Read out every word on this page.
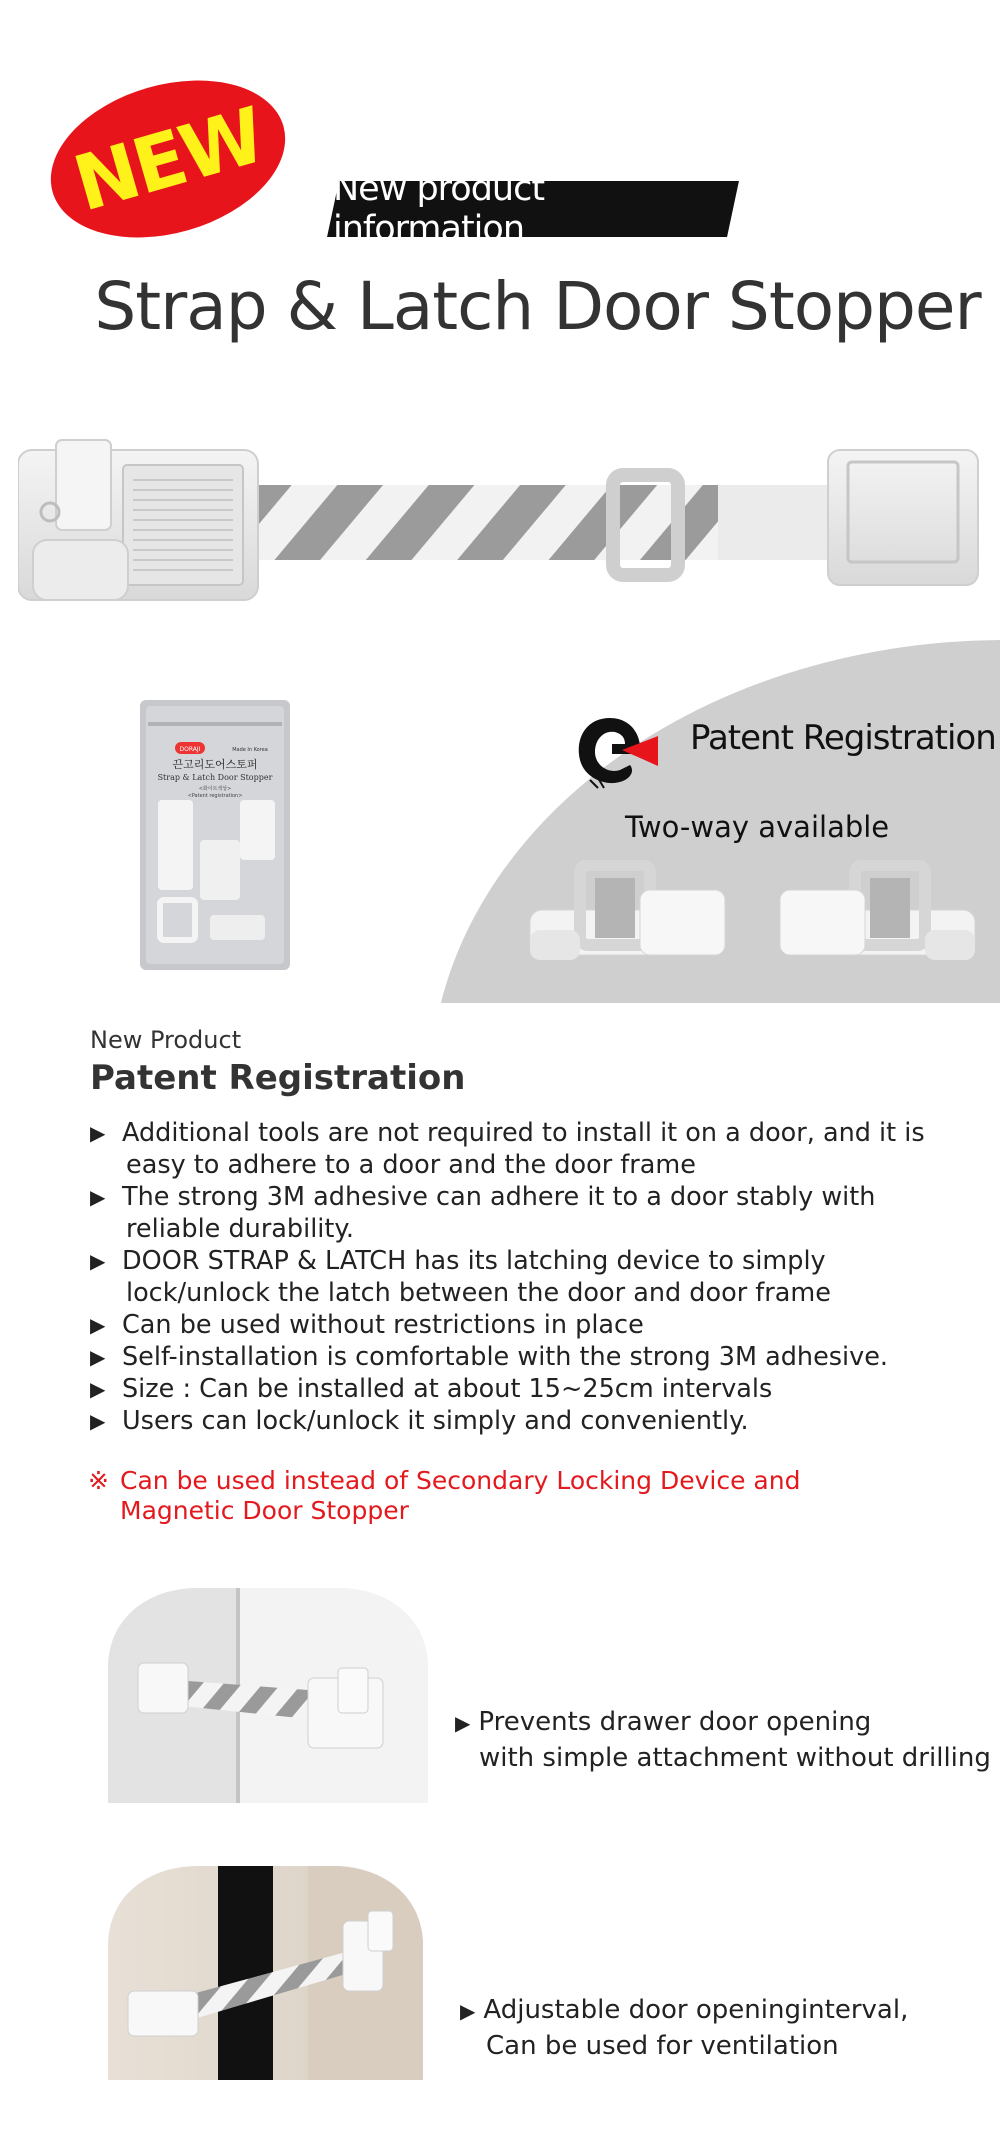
NEW New product information
Strap & Latch Door Stopper
DORAJI	Made In Korea
끈고리도어스토퍼
Strap & Latch Door Stopper
<화이트색상>
<Patent registration>
Patent Registration
Two-way available
New Product
Patent Registration
▶ Additional tools are not required to install it on a door, and it is
easy to adhere to a door and the door frame
▶ The strong 3M adhesive can adhere it to a door stably with
reliable durability.
▶ DOOR STRAP & LATCH has its latching device to simply
lock/unlock the latch between the door and door frame
▶ Can be used without restrictions in place
▶ Self-installation is comfortable with the strong 3M adhesive.
▶ Size : Can be installed at about 15~25cm intervals
▶ Users can lock/unlock it simply and conveniently.
※ Can be used instead of Secondary Locking Device and
Magnetic Door Stopper
▶ Prevents drawer door opening
with simple attachment without drilling
▶ Adjustable door openinginterval,
Can be used for ventilation
